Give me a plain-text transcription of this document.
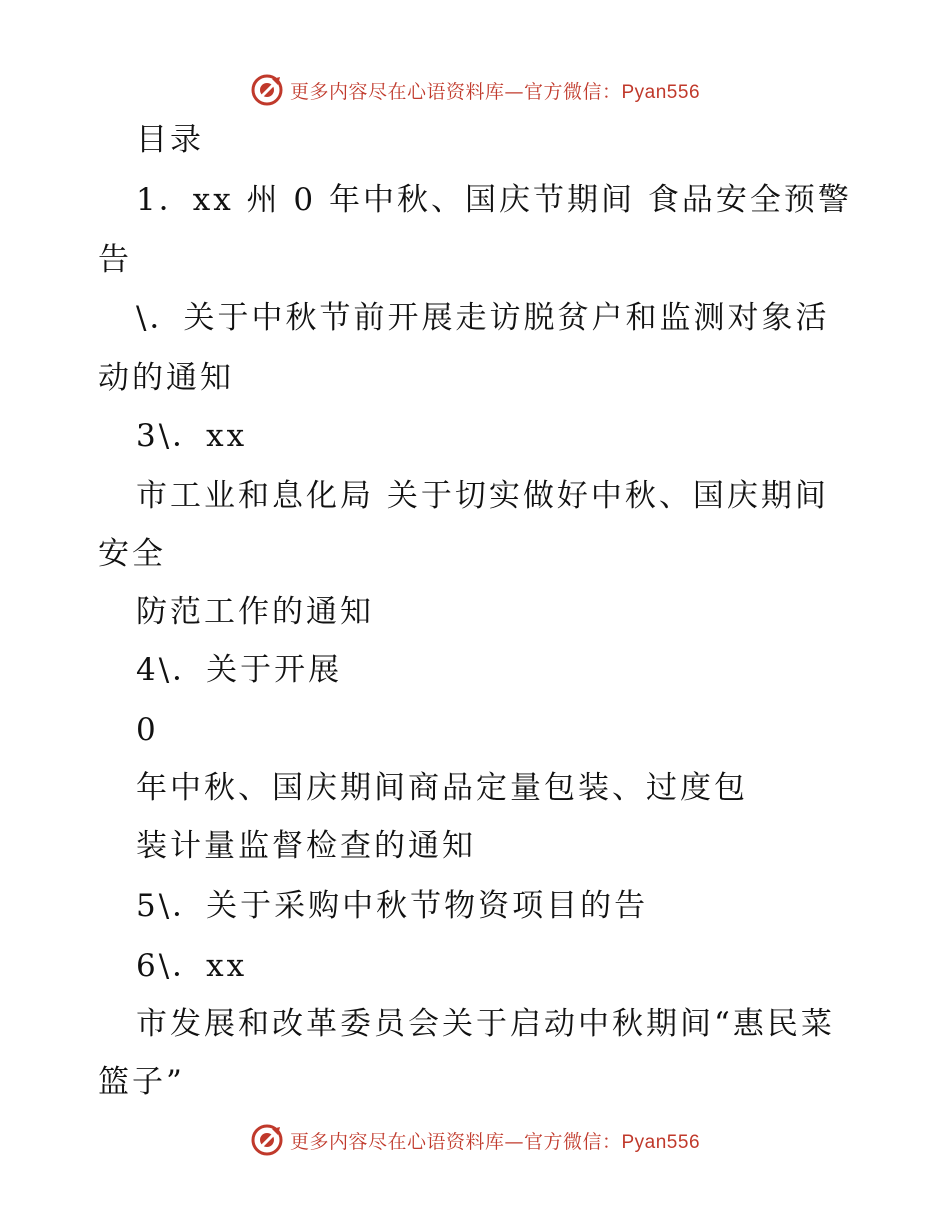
更多内容尽在心语资料库—官方微信：Pyan556
目录
1．xx 州 0 年中秋、国庆节期间 食品安全预警
告
\．关于中秋节前开展走访脱贫户和监测对象活
动的通知
3\．xx
市工业和息化局 关于切实做好中秋、国庆期间
安全
防范工作的通知
4\．关于开展
0
年中秋、国庆期间商品定量包装、过度包
装计量监督检查的通知
5\．关于采购中秋节物资项目的告
6\．xx
市发展和改革委员会关于启动中秋期间“惠民菜
篮子”
更多内容尽在心语资料库—官方微信：Pyan556
